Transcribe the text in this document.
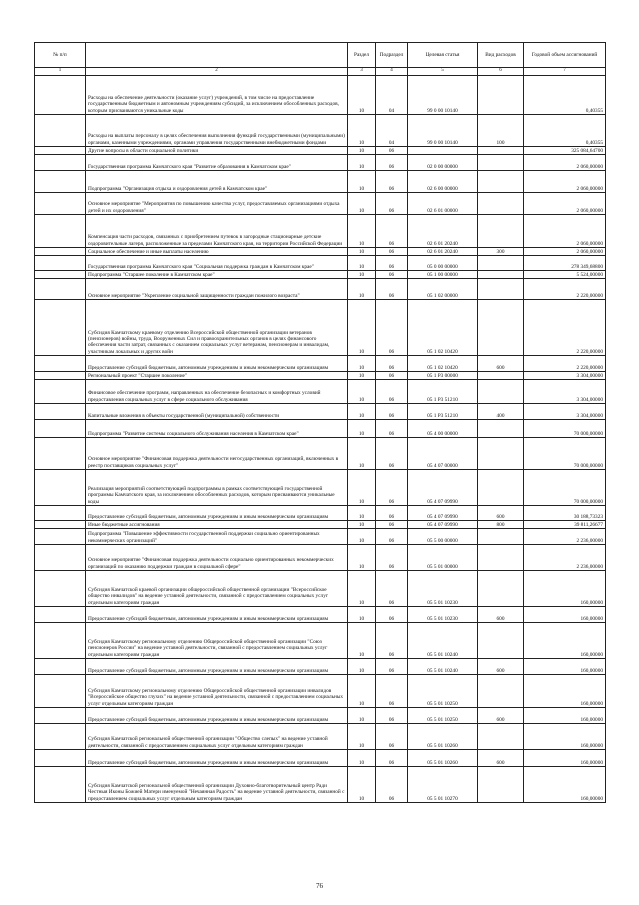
№ п/п		Раздел	Подраздел	Целевая статья	Вид расходов	Годовой объем ассигнований
1	2	3	4	5	6	7
	Расходы на обеспечение деятельности (оказание услуг) учреждений, в том числе на предоставление государственным бюджетным и автономным учреждениям субсидий, за исключением обособленных расходов, которым присваиваются уникальные коды	10	04	99 0 00 10140		0,40355
	Расходы на выплаты персоналу в целях обеспечения выполнения функций государственными (муниципальными) органами, казенными учреждениями, органами управления государственными внебюджетными фондами	10	04	99 0 00 10140	100	0,40355
	Другие вопросы в области социальной политики	10	06			325 084,64700
	Государственная программа Камчатского края "Развитие образования в Камчатском крае"	10	06	02 0 00 00000		2 060,00000
	Подпрограмма "Организация отдыха и оздоровления детей в Камчатском крае"	10	06	02 6 00 00000		2 060,00000
	Основное мероприятие "Мероприятия по повышению качества услуг, предоставляемых организациями отдыха детей и их оздоровления"	10	06	02 6 01 00000		2 060,00000
	Компенсация части расходов, связанных с приобретением путевок в загородные стационарные детские оздоровительные лагеря, расположенные за пределами Камчатского края, на территории Российской Федерации	10	06	02 6 01 20240		2 060,00000
	Социальное обеспечение и иные выплаты населению	10	06	02 6 01 20240	300	2 060,00000
	Государственная программа Камчатского края "Социальная поддержка граждан в Камчатском крае"	10	06	05 0 00 00000		278 349,68800
	Подпрограмма "Старшее поколение в Камчатском крае"	10	06	05 1 00 00000		5 524,00000
	Основное мероприятие "Укрепление социальной защищенности граждан пожилого возраста"	10	06	05 1 02 00000		2 220,00000
	Субсидия Камчатскому краевому отделению Всероссийской общественной организации ветеранов (пенсионеров) войны, труда, Вооруженных Сил и правоохранительных органов в целях финансового обеспечения части затрат, связанных с оказанием социальных услуг ветеранам, пенсионерам и инвалидам, участникам локальных и других войн	10	06	05 1 02 10420		2 220,00000
	Предоставление субсидий бюджетным, автономным учреждениям и иным некоммерческим организациям	10	06	05 1 02 10420	600	2 220,00000
	Региональный проект "Старшее поколение"	10	06	05 1 P3 00000		3 304,00000
	Финансовое обеспечение программ, направленных на обеспечение безопасных и комфортных условий предоставления социальных услуг в сфере социального обслуживания	10	06	05 1 P3 51210		3 304,00000
	Капитальные вложения в объекты государственной (муниципальной) собственности	10	06	05 1 P3 51210	400	3 304,00000
	Подпрограмма "Развитие системы социального обслуживания населения в Камчатском крае"	10	06	05 4 00 00000		70 000,00000
	Основное мероприятие "Финансовая поддержка деятельности негосударственных организаций, включенных в реестр поставщиков социальных услуг"	10	06	05 4 07 00000		70 000,00000
	Реализация мероприятий соответствующей подпрограммы в рамках соответствующей государственной программы Камчатского края, за исключением обособленных расходов, которым присваиваются уникальные коды	10	06	05 4 07 09990		70 000,00000
	Предоставление субсидий бюджетным, автономным учреждениям и иным некоммерческим организациям	10	06	05 4 07 09990	600	30 188,73323
	Иные бюджетные ассигнования	10	06	05 4 07 09990	800	39 811,26677
	Подпрограмма "Повышение эффективности государственной поддержки социально ориентированных некоммерческих организаций"	10	06	05 5 00 00000		2 236,00000
	Основное мероприятие "Финансовая поддержка деятельности социально ориентированных некоммерческих организаций по оказанию поддержки граждан в социальной сфере"	10	06	05 5 01 00000		2 236,00000
	Субсидия Камчатской краевой организации общероссийской общественной организации "Всероссийское общество инвалидов" на ведение уставной деятельности, связанной с предоставлением социальных услуг отдельным категориям граждан	10	06	05 5 01 10230		160,00000
	Предоставление субсидий бюджетным, автономным учреждениям и иным некоммерческим организациям	10	06	05 5 01 10230	600	160,00000
	Субсидия Камчатскому региональному отделению Общероссийской общественной организации "Союз пенсионеров России" на ведение уставной деятельности, связанной с предоставлением социальных услуг отдельным категориям граждан	10	06	05 5 01 10240		160,00000
	Предоставление субсидий бюджетным, автономным учреждениям и иным некоммерческим организациям	10	06	05 5 01 10240	600	160,00000
	Субсидия Камчатскому региональному отделению Общероссийской общественной организации инвалидов "Всероссийское общество глухих" на ведение уставной деятельности, связанной с предоставлением социальных услуг отдельным категориям граждан	10	06	05 5 01 10250		160,00000
	Предоставление субсидий бюджетным, автономным учреждениям и иным некоммерческим организациям	10	06	05 5 01 10250	600	160,00000
	Субсидия Камчатской региональной общественной организации "Общество слепых" на ведение уставной деятельности, связанной с предоставлением социальных услуг отдельным категориям граждан	10	06	05 5 01 10260		160,00000
	Предоставление субсидий бюджетным, автономным учреждениям и иным некоммерческим организациям	10	06	05 5 01 10260	600	160,00000
	Субсидия Камчатской региональной общественной организации Духовно-благотворительный центр Ради Честныя Иконы Божией Матери именуемой "Нечаянная Радость" на ведение уставной деятельности, связанной с предоставлением социальных услуг отдельным категориям граждан	10	06	05 5 01 10270		160,00000
76
